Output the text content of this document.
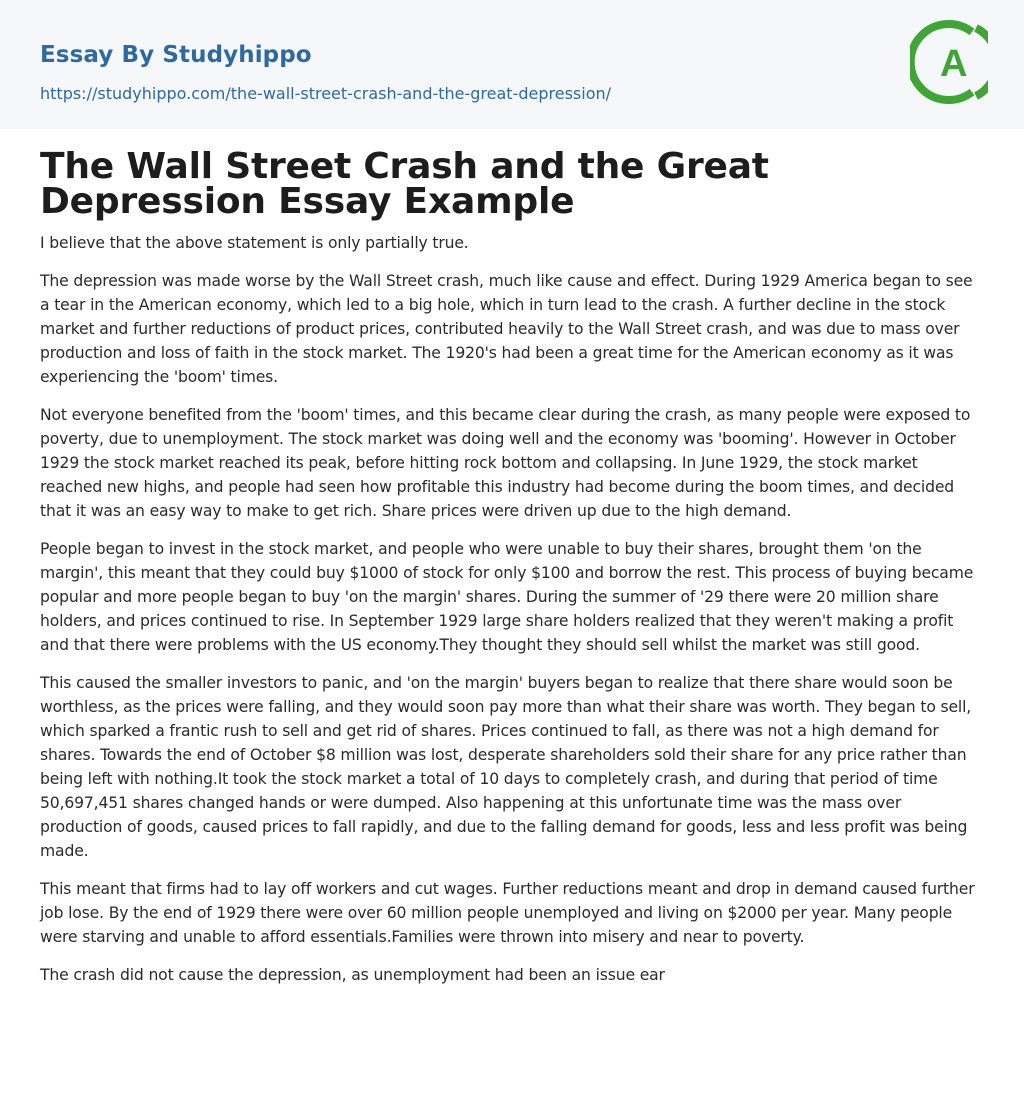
Essay By Studyhippo
https://studyhippo.com/the-wall-street-crash-and-the-great-depression/
A
The Wall Street Crash and the Great Depression Essay Example

I believe that the above statement is only partially true.

The depression was made worse by the Wall Street crash, much like cause and effect. During 1929 America began to see a tear in the American economy, which led to a big hole, which in turn lead to the crash. A further decline in the stock market and further reductions of product prices, contributed heavily to the Wall Street crash, and was due to mass over production and loss of faith in the stock market. The 1920's had been a great time for the American economy as it was experiencing the 'boom' times.

Not everyone benefited from the 'boom' times, and this became clear during the crash, as many people were exposed to poverty, due to unemployment. The stock market was doing well and the economy was 'booming'. However in October 1929 the stock market reached its peak, before hitting rock bottom and collapsing. In June 1929, the stock market reached new highs, and people had seen how profitable this industry had become during the boom times, and decided that it was an easy way to make to get rich. Share prices were driven up due to the high demand.

People began to invest in the stock market, and people who were unable to buy their shares, brought them 'on the margin', this meant that they could buy $1000 of stock for only $100 and borrow the rest. This process of buying became popular and more people began to buy 'on the margin' shares. During the summer of '29 there were 20 million share holders, and prices continued to rise. In September 1929 large share holders realized that they weren't making a profit and that there were problems with the US economy.They thought they should sell whilst the market was still good.

This caused the smaller investors to panic, and 'on the margin' buyers began to realize that there share would soon be worthless, as the prices were falling, and they would soon pay more than what their share was worth. They began to sell, which sparked a frantic rush to sell and get rid of shares. Prices continued to fall, as there was not a high demand for shares. Towards the end of October $8 million was lost, desperate shareholders sold their share for any price rather than being left with nothing.It took the stock market a total of 10 days to completely crash, and during that period of time 50,697,451 shares changed hands or were dumped. Also happening at this unfortunate time was the mass over production of goods, caused prices to fall rapidly, and due to the falling demand for goods, less and less profit was being made.

This meant that firms had to lay off workers and cut wages. Further reductions meant and drop in demand caused further job lose. By the end of 1929 there were over 60 million people unemployed and living on $2000 per year. Many people were starving and unable to afford essentials.Families were thrown into misery and near to poverty.

The crash did not cause the depression, as unemployment had been an issue ear
